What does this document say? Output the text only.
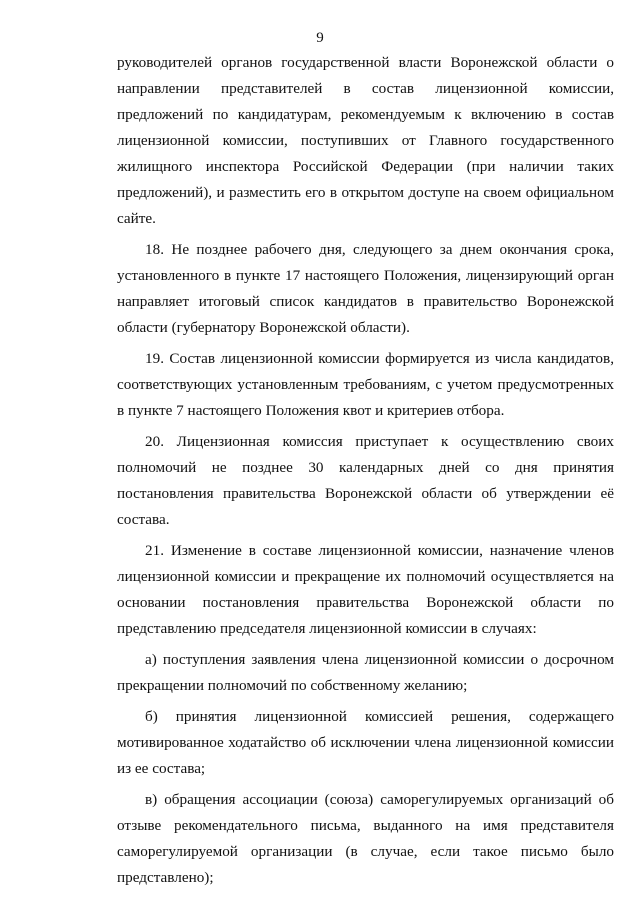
9

руководителей органов государственной власти Воронежской области о направлении представителей в состав лицензионной комиссии, предложений по кандидатурам, рекомендуемым к включению в состав лицензионной комиссии, поступивших от Главного государственного жилищного инспектора Российской Федерации (при наличии таких предложений), и разместить его в открытом доступе на своем официальном сайте.

18. Не позднее рабочего дня, следующего за днем окончания срока, установленного в пункте 17 настоящего Положения, лицензирующий орган направляет итоговый список кандидатов в правительство Воронежской области (губернатору Воронежской области).

19. Состав лицензионной комиссии формируется из числа кандидатов, соответствующих установленным требованиям, с учетом предусмотренных в пункте 7 настоящего Положения квот и критериев отбора.

20. Лицензионная комиссия приступает к осуществлению своих полномочий не позднее 30 календарных дней со дня принятия постановления правительства Воронежской области об утверждении её состава.

21. Изменение в составе лицензионной комиссии, назначение членов лицензионной комиссии и прекращение их полномочий осуществляется на основании постановления правительства Воронежской области по представлению председателя лицензионной комиссии в случаях:

а) поступления заявления члена лицензионной комиссии о досрочном прекращении полномочий по собственному желанию;

б) принятия лицензионной комиссией решения, содержащего мотивированное ходатайство об исключении члена лицензионной комиссии из ее состава;

в) обращения ассоциации (союза) саморегулируемых организаций об отзыве рекомендательного письма, выданного на имя представителя саморегулируемой организации (в случае, если такое письмо было представлено);
